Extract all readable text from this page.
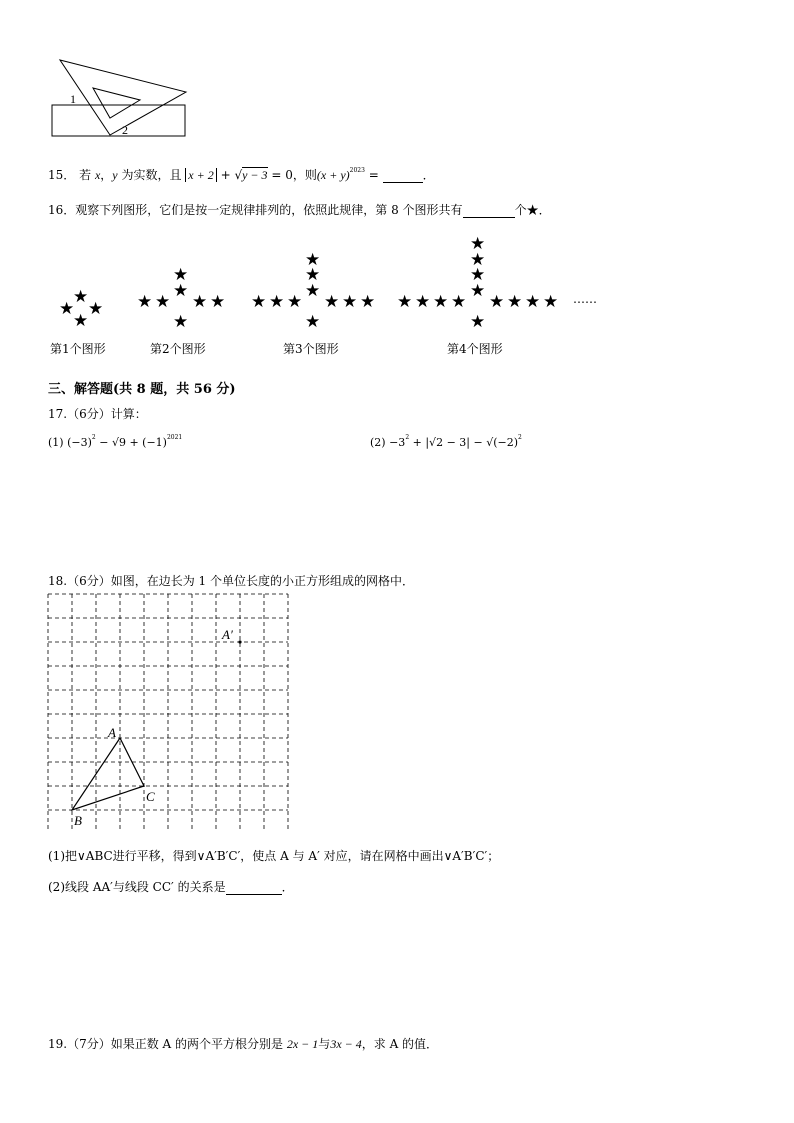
1
2
15． 若 x，y 为实数，且 x + 2 + √y − 3 = 0，则$(x + y)^{2023}$ =	．
16．观察下列图形，它们是按一定规律排列的，依照此规律，第 8 个图形共有	个★．
★
★ ★
★
★
★
★ ★ ★ ★
★
★
★
★
★ ★ ★ ★ ★ ★
★
★
★
★
★
★ ★ ★ ★ ★ ★ ★ ★
★
……
第1个图形	第2个图形	第3个图形	第4个图形
三、解答题(共 8 题，共 56 分)
17.（6分）计算：
(1) $(-3)^2 - √9 + (-1)^{2021}$	$(2) -3^2 + |√2 - 3| - √(-2)^2$
18.（6分）如图，在边长为 1 个单位长度的小正方形组成的网格中．
A′
A
C
B
(1)把∨ABC进行平移，得到∨A′B′C′，使点 A 与 A′ 对应，请在网格中画出∨A′B′C′；
(2)线段 AA′与线段 CC′ 的关系是	．
19.（7分）如果正数 A 的两个平方根分别是 2x − 1与3x − 4，求 A 的值．
